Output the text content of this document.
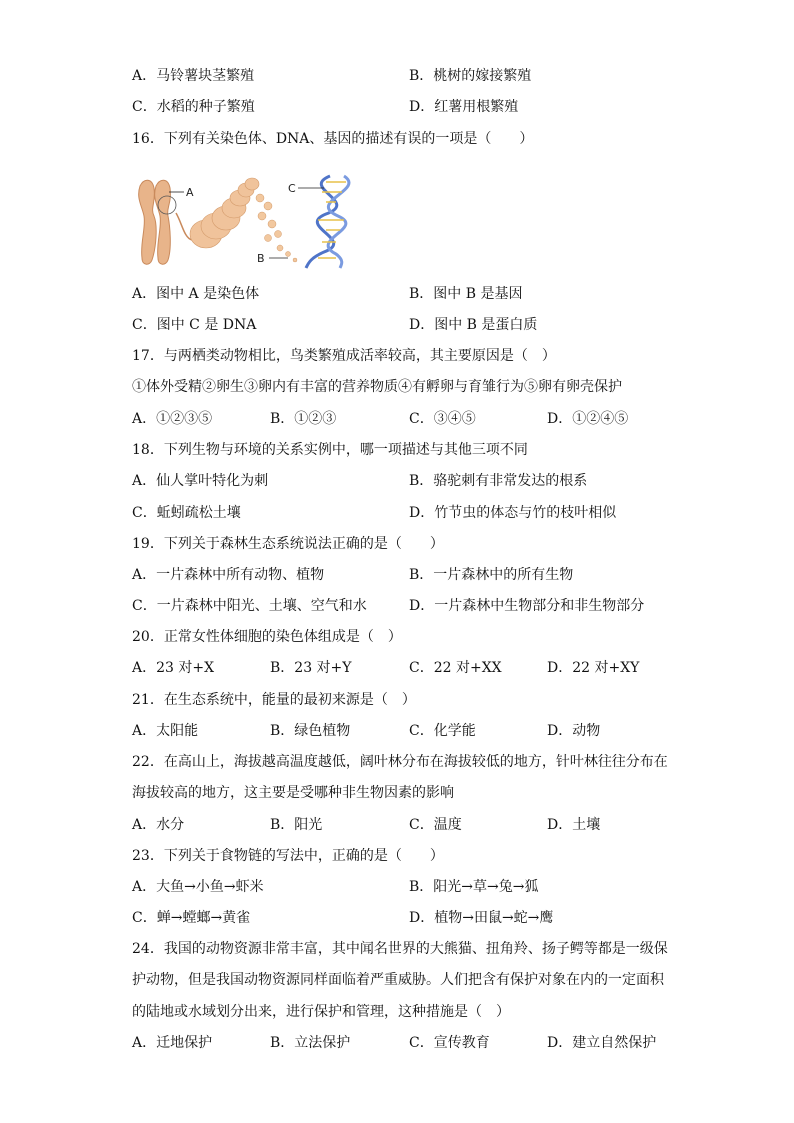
A．马铃薯块茎繁殖	B．桃树的嫁接繁殖
C．水稻的种子繁殖	D．红薯用根繁殖
16．下列有关染色体、DNA、基因的描述有误的一项是（　　）
A
B
C
A．图中 A 是染色体	B．图中 B 是基因
C．图中 C 是 DNA	D．图中 B 是蛋白质
17．与两栖类动物相比，鸟类繁殖成活率较高，其主要原因是（　）
①体外受精②卵生③卵内有丰富的营养物质④有孵卵与育雏行为⑤卵有卵壳保护
A．①②③⑤	B．①②③	C．③④⑤	D．①②④⑤
18．下列生物与环境的关系实例中，哪一项描述与其他三项不同
A．仙人掌叶特化为刺	B．骆驼刺有非常发达的根系
C．蚯蚓疏松土壤	D．竹节虫的体态与竹的枝叶相似
19．下列关于森林生态系统说法正确的是（　　）
A．一片森林中所有动物、植物	B．一片森林中的所有生物
C．一片森林中阳光、土壤、空气和水	D．一片森林中生物部分和非生物部分
20．正常女性体细胞的染色体组成是（　）
A．23 对+X	B．23 对+Y	C．22 对+XX	D．22 对+XY
21．在生态系统中，能量的最初来源是（　）
A．太阳能	B．绿色植物	C．化学能	D．动物
22．在高山上，海拔越高温度越低，阔叶林分布在海拔较低的地方，针叶林往往分布在
海拔较高的地方，这主要是受哪种非生物因素的影响
A．水分	B．阳光	C．温度	D．土壤
23．下列关于食物链的写法中，正确的是（　　）
A．大鱼→小鱼→虾米	B．阳光→草→兔→狐
C．蝉→螳螂→黄雀	D．植物→田鼠→蛇→鹰
24．我国的动物资源非常丰富，其中闻名世界的大熊猫、扭角羚、扬子鳄等都是一级保
护动物，但是我国动物资源同样面临着严重威胁。人们把含有保护对象在内的一定面积
的陆地或水域划分出来，进行保护和管理，这种措施是（　）
A．迁地保护	B．立法保护	C．宣传教育	D．建立自然保护
